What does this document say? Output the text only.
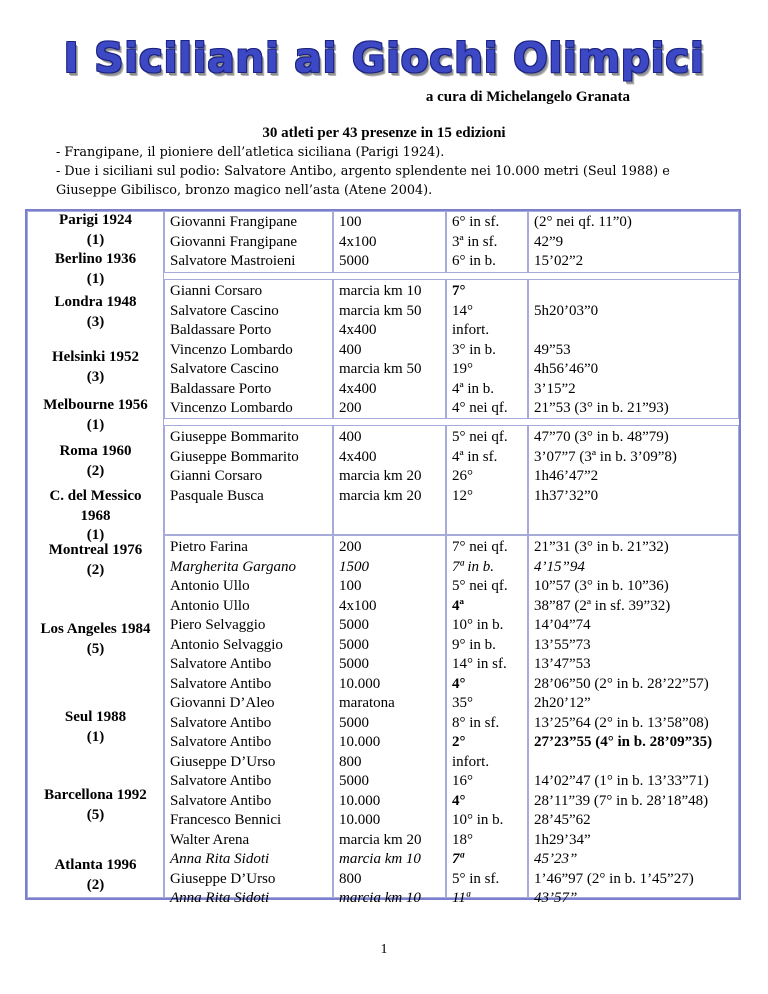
I Siciliani ai Giochi Olimpici
a cura di Michelangelo Granata
30 atleti per 43 presenze in 15 edizioni
- Frangipane, il pioniere dell’atletica siciliana (Parigi 1924).
- Due i siciliani sul podio: Salvatore Antibo, argento splendente nei 10.000 metri (Seul 1988) e
Giuseppe Gibilisco, bronzo magico nell’asta (Atene 2004).
Parigi 1924
(1)
Berlino 1936
(1)
Londra 1948
(3)
Helsinki 1952
(3)
Melbourne 1956
(1)
Roma 1960
(2)
C. del Messico 1968
(1)
Montreal 1976
(2)
Los Angeles 1984
(5)
Seul 1988
(1)
Barcellona 1992
(5)
Atlanta 1996
(2)
Giovanni Frangipane
Giovanni Frangipane
Salvatore Mastroieni
100
4x100
5000
6° in sf.
3ª in sf.
6° in b.
(2° nei qf. 11”0)
42”9
15’02”2
Gianni Corsaro
Salvatore Cascino
Baldassare Porto
Vincenzo Lombardo
Salvatore Cascino
Baldassare Porto
Vincenzo Lombardo
marcia km 10
marcia km 50
4x400
400
marcia km 50
4x400
200
7°
14°
infort.
3° in b.
19°
4ª in b.
4° nei qf.
5h20’03”0
49”53
4h56’46”0
3’15”2
21”53 (3° in b. 21”93)
Giuseppe Bommarito
Giuseppe Bommarito
Gianni Corsaro
Pasquale Busca
400
4x400
marcia km 20
marcia km 20
5° nei qf.
4ª in sf.
26°
12°
47”70 (3° in b. 48”79)
3’07”7 (3ª in b. 3’09”8)
1h46’47”2
1h37’32”0
Pietro Farina
Margherita Gargano
Antonio Ullo
Antonio Ullo
Piero Selvaggio
Antonio Selvaggio
Salvatore Antibo
Salvatore Antibo
Giovanni D’Aleo
Salvatore Antibo
Salvatore Antibo
Giuseppe D’Urso
Salvatore Antibo
Salvatore Antibo
Francesco Bennici
Walter Arena
Anna Rita Sidoti
Giuseppe D’Urso
Anna Rita Sidoti
200
1500
100
4x100
5000
5000
5000
10.000
maratona
5000
10.000
800
5000
10.000
10.000
marcia km 20
marcia km 10
800
marcia km 10
7° nei qf.
7ª in b.
5° nei qf.
4ª
10° in b.
9° in b.
14° in sf.
4°
35°
8° in sf.
2°
infort.
16°
4°
10° in b.
18°
7ª
5° in sf.
11ª
21”31 (3° in b. 21”32)
4’15”94
10”57 (3° in b. 10”36)
38”87 (2ª in sf. 39”32)
14’04”74
13’55”73
13’47”53
28’06”50 (2° in b. 28’22”57)
2h20’12”
13’25”64 (2° in b. 13’58”08)
27’23”55 (4° in b. 28’09”35)
14’02”47 (1° in b. 13’33”71)
28’11”39 (7° in b. 28’18”48)
28’45”62
1h29’34”
45’23”
1’46”97 (2° in b. 1’45”27)
43’57”
1
